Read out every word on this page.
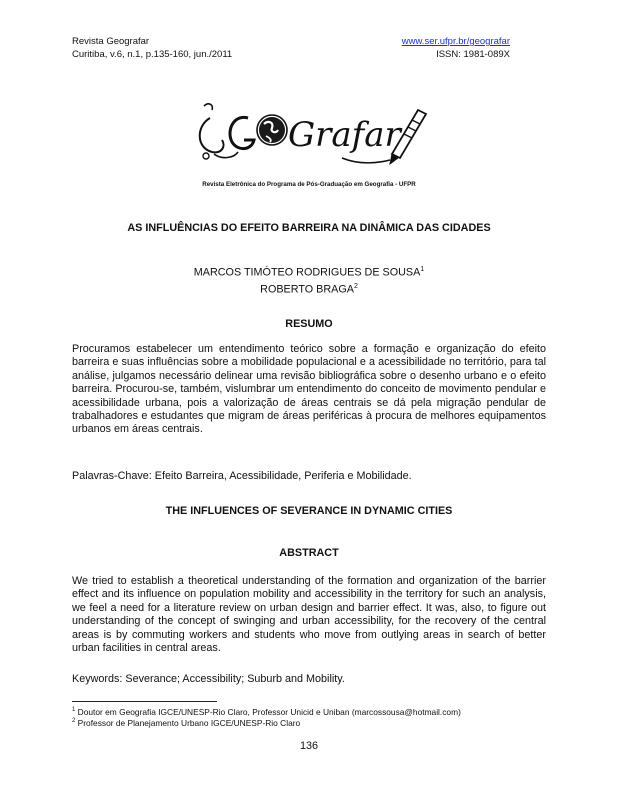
Revista Geografar
Curitiba, v.6, n.1, p.135-160, jun./2011
www.ser.ufpr.br/geografar
ISSN: 1981-089X
Grafar
Revista Eletrônica do Programa de Pós-Graduação em Geografia - UFPR
AS INFLUÊNCIAS DO EFEITO BARREIRA NA DINÂMICA DAS CIDADES
MARCOS TIMÓTEO RODRIGUES DE SOUSA$^1$
ROBERTO BRAGA$^2$
RESUMO
Procuramos estabelecer um entendimento teórico sobre a formação e organização do efeito barreira e suas influências sobre a mobilidade populacional e a acessibilidade no território, para tal análise, julgamos necessário delinear uma revisão bibliográfica sobre o desenho urbano e o efeito barreira. Procurou-se, também, vislumbrar um entendimento do conceito de movimento pendular e acessibilidade urbana, pois a valorização de áreas centrais se dá pela migração pendular de trabalhadores e estudantes que migram de áreas periféricas à procura de melhores equipamentos urbanos em áreas centrais.
Palavras-Chave: Efeito Barreira, Acessibilidade, Periferia e Mobilidade.
THE INFLUENCES OF SEVERANCE IN DYNAMIC CITIES
ABSTRACT
We tried to establish a theoretical understanding of the formation and organization of the barrier effect and its influence on population mobility and accessibility in the territory for such an analysis, we feel a need for a literature review on urban design and barrier effect. It was, also, to figure out understanding of the concept of swinging and urban accessibility, for the recovery of the central areas is by commuting workers and students who move from outlying areas in search of better urban facilities in central areas.
Keywords: Severance; Accessibility; Suburb and Mobility.
$^1$ Doutor em Geografia IGCE/UNESP-Rio Claro, Professor Unicid e Uniban (marcossousa@hotmail.com)
$^2$ Professor de Planejamento Urbano IGCE/UNESP-Rio Claro
136
